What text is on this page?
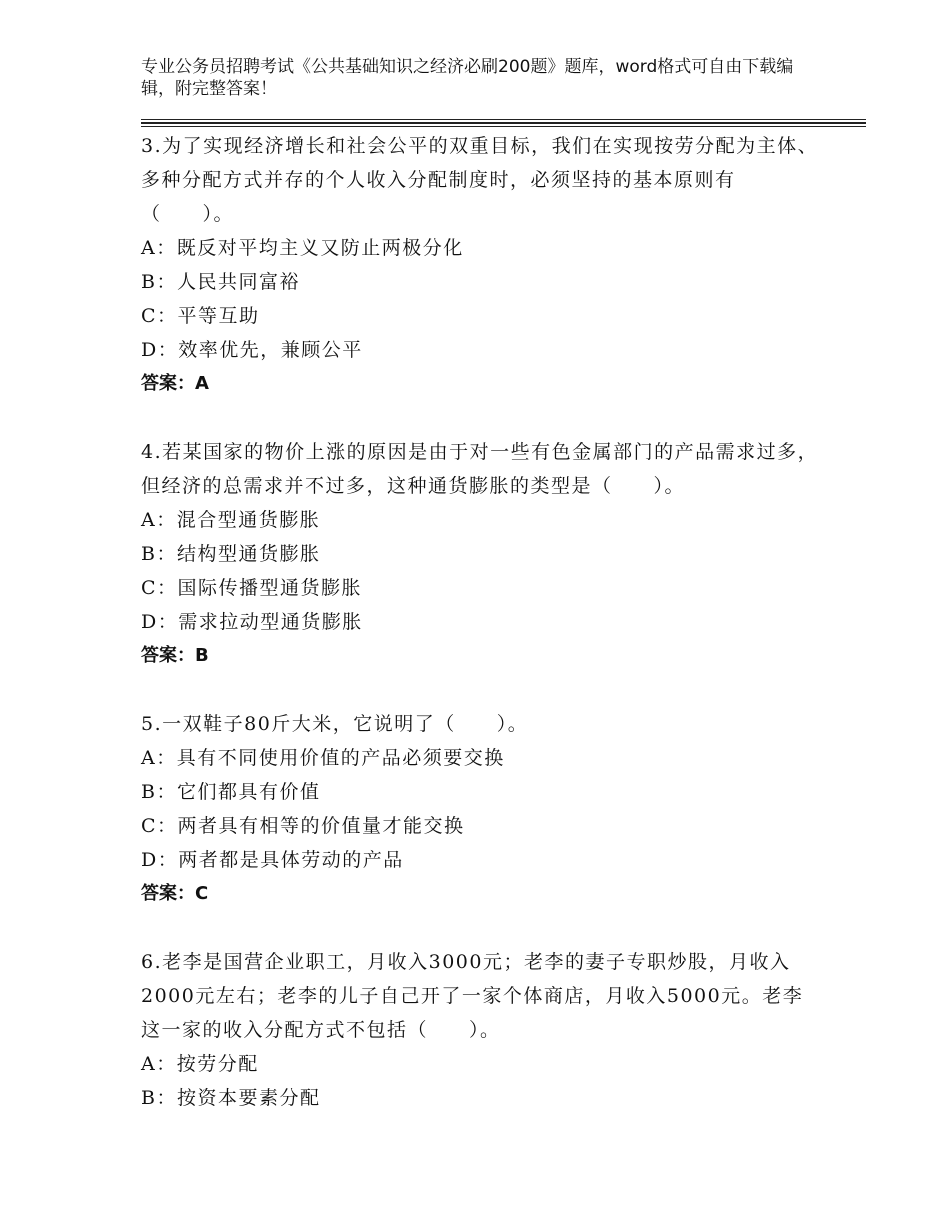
专业公务员招聘考试《公共基础知识之经济必刷200题》题库，word格式可自由下载编辑，附完整答案！
3.为了实现经济增长和社会公平的双重目标，我们在实现按劳分配为主体、多种分配方式并存的个人收入分配制度时，必须坚持的基本原则有（　　）。
A：既反对平均主义又防止两极分化
B：人民共同富裕
C：平等互助
D：效率优先，兼顾公平
答案：A
4.若某国家的物价上涨的原因是由于对一些有色金属部门的产品需求过多，但经济的总需求并不过多，这种通货膨胀的类型是（　　）。
A：混合型通货膨胀
B：结构型通货膨胀
C：国际传播型通货膨胀
D：需求拉动型通货膨胀
答案：B
5.一双鞋子80斤大米，它说明了（　　）。
A：具有不同使用价值的产品必须要交换
B：它们都具有价值
C：两者具有相等的价值量才能交换
D：两者都是具体劳动的产品
答案：C
6.老李是国营企业职工，月收入3000元；老李的妻子专职炒股，月收入2000元左右；老李的儿子自己开了一家个体商店，月收入5000元。老李这一家的收入分配方式不包括（　　）。
A：按劳分配
B：按资本要素分配
